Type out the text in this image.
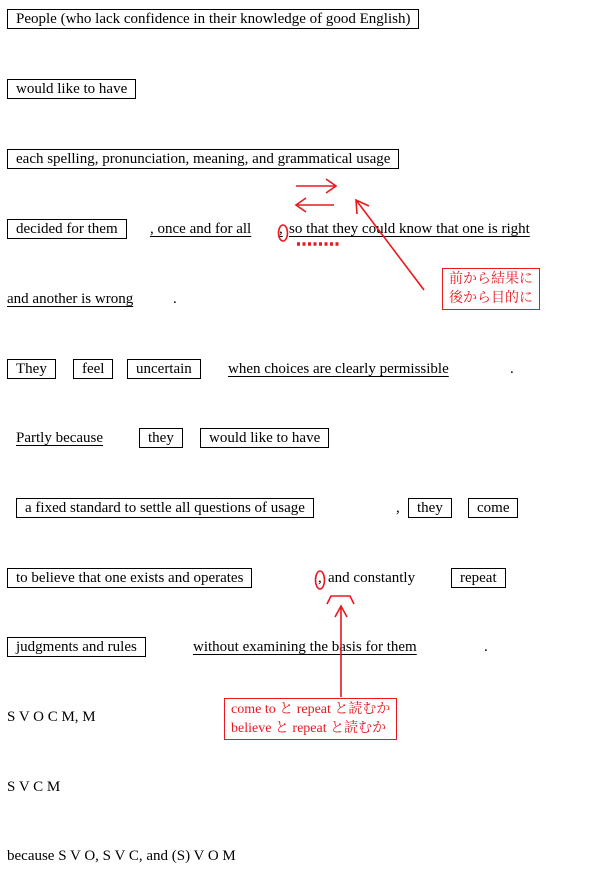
People (who lack confidence in their knowledge of good English)
would like to have
each spelling, pronunciation, meaning, and grammatical usage
decided for them	, once and for all , so that they could know that one is right
and another is wrong	.
They	feel	uncertain	when choices are clearly permissible	.
Partly because	they	would like to have
a fixed standard to settle all questions of usage	,	they	come
to believe that one exists and operates	, and constantly	repeat
judgments and rules	without examining the basis for them	.
S V O C M, M
S V C M
because S V O, S V C, and (S) V O M
前から結果に
後から目的に
come to と repeat と読むか
believe と repeat と読むか
